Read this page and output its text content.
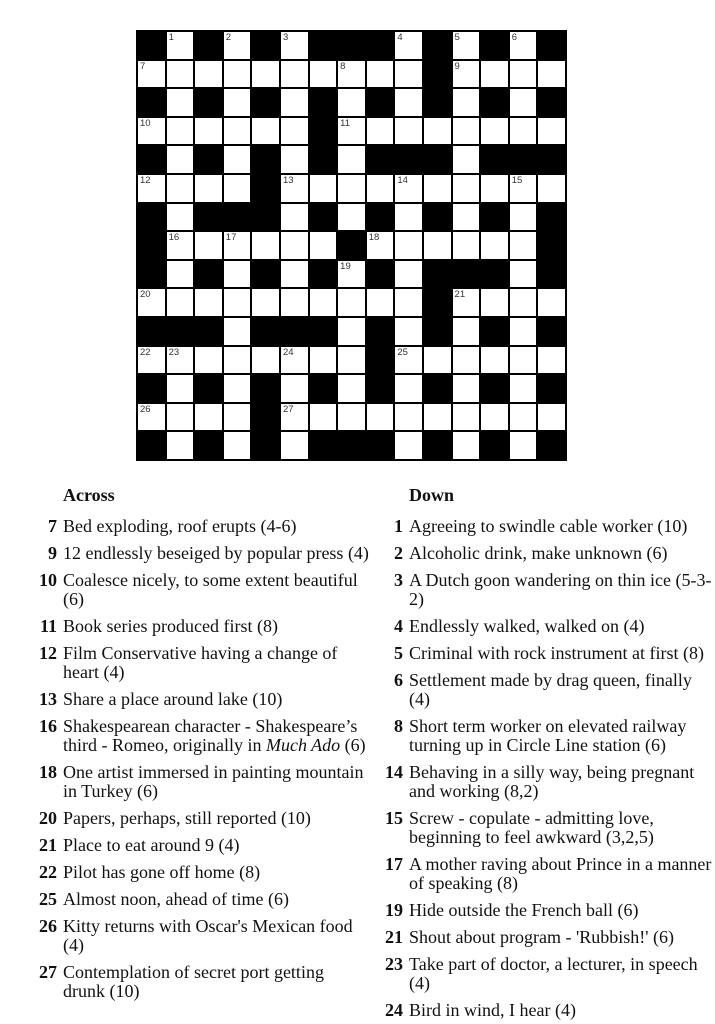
1	2	3	4	5	6
7	8	9
10	11
12	13	14	15
16	17	18
19
20	21
22 23	24	25
26	27
Across
7 Bed exploding, roof erupts (4-6)
9 12 endlessly beseiged by popular press (4)
10 Coalesce nicely, to some extent beautiful
(6)
11 Book series produced first (8)
12 Film Conservative having a change of
heart (4)
13 Share a place around lake (10)
16 Shakespearean character - Shakespeare’s
third - Romeo, originally in Much Ado (6)
18 One artist immersed in painting mountain
in Turkey (6)
20 Papers, perhaps, still reported (10)
21 Place to eat around 9 (4)
22 Pilot has gone off home (8)
25 Almost noon, ahead of time (6)
26 Kitty returns with Oscar's Mexican food
(4)
27 Contemplation of secret port getting
drunk (10)
Down
1 Agreeing to swindle cable worker (10)
2 Alcoholic drink, make unknown (6)
3 A Dutch goon wandering on thin ice (5-3-
2)
4 Endlessly walked, walked on (4)
5 Criminal with rock instrument at first (8)
6 Settlement made by drag queen, finally
(4)
8 Short term worker on elevated railway
turning up in Circle Line station (6)
14 Behaving in a silly way, being pregnant
and working (8,2)
15 Screw - copulate - admitting love,
beginning to feel awkward (3,2,5)
17 A mother raving about Prince in a manner
of speaking (8)
19 Hide outside the French ball (6)
21 Shout about program - 'Rubbish!' (6)
23 Take part of doctor, a lecturer, in speech
(4)
24 Bird in wind, I hear (4)
